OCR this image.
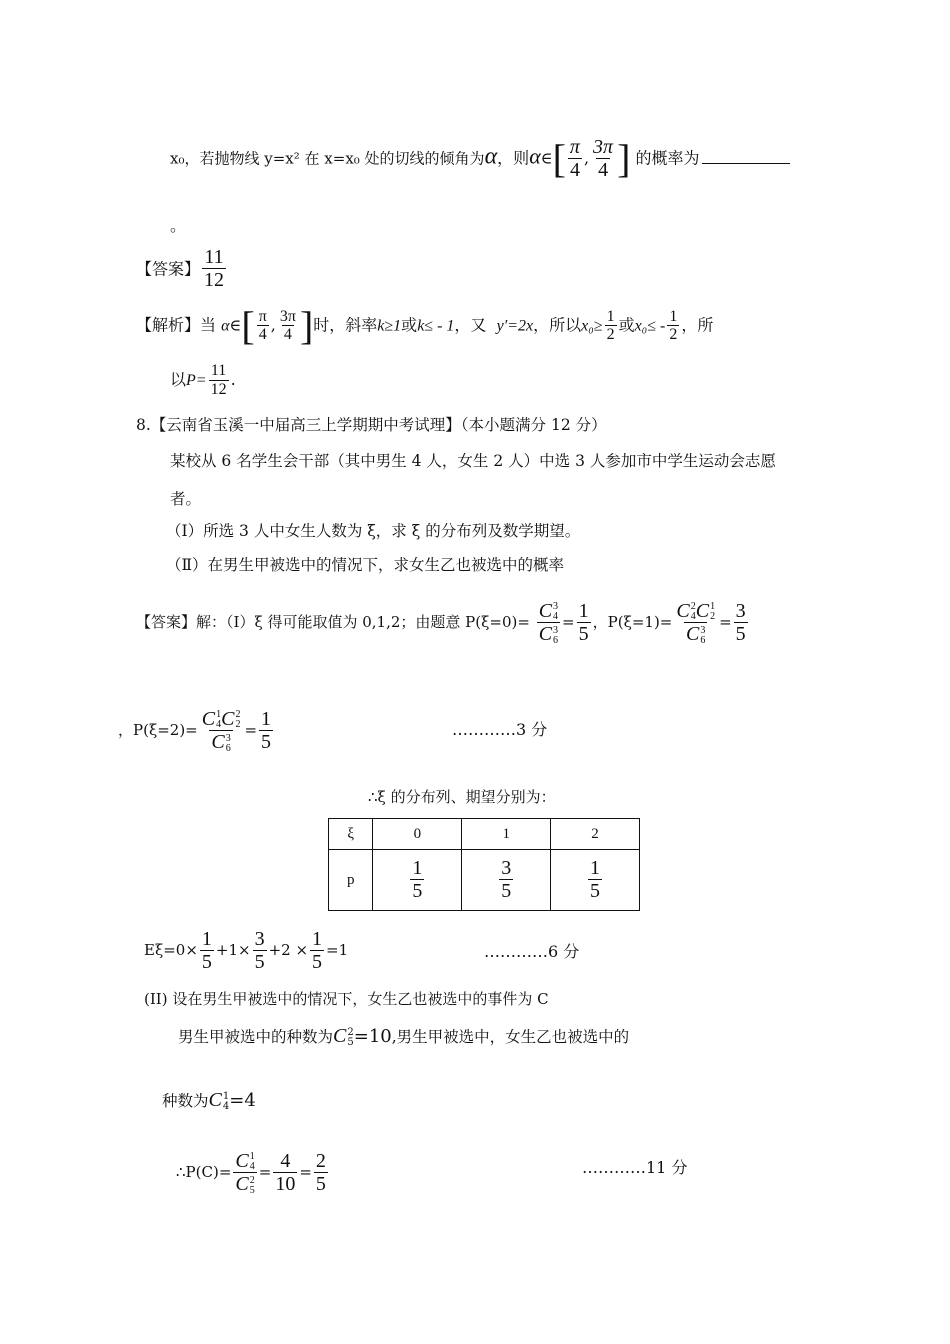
x₀，若抛物线 y=x² 在 x=x₀ 处的切线的倾角为α，则α∈[ $\frac{\pi}{4}$ , $\frac{3\pi}{4}$ ] 的概率为
。
【答案】 $\frac{11}{12}$
【解析】当 α∈[ $\frac{\pi}{4}$ , $\frac{3\pi}{4}$ ]时，斜率k≥1或k≤ - 1，又 y′=2x，所以$x_0\ge \frac{1}{2}$ 或$x_0\le - \frac{1}{2}$ ，所
以$P= \frac{11}{12}$ .
8.【云南省玉溪一中届高三上学期期中考试理】（本小题满分 12 分）
某校从 6 名学生会干部（其中男生 4 人，女生 2 人）中选 3 人参加市中学生运动会志愿
者。
（Ⅰ）所选 3 人中女生人数为 ξ，求 ξ 的分布列及数学期望。
（Ⅱ）在男生甲被选中的情况下，求女生乙也被选中的概率
【答案】解：（I）ξ 得可能取值为 0,1,2；由题意 P(ξ=0)= C 3
4
C 3
$6 = \frac{1}{5}$ ，P(ξ=1)= C 2
4 C 1
2
C 3
$6 = \frac{3}{5}$
，P(ξ=2)= C 1
4 C 2
2
C 3
$6 = \frac{1}{5}$	…………3 分
∴ξ 的分布列、期望分别为：
ξ	0	1	2
p	$\frac{1}{5}$	$\frac{3}{5}$	$\frac{1}{5}$
$E\xi=0\times \frac{1}{5} +1\times \frac{3}{5} +2 \times \frac{1}{5} =1$	…………6 分
(II) 设在男生甲被选中的情况下，女生乙也被选中的事件为 C
男生甲被选中的种数为C 2
5 =10,男生甲被选中，女生乙也被选中的
种数为C 1
4 =4
∴P(C)= C 1
4
C 2
$5 = \frac{4}{10} = \frac{2}{5}$	…………11 分
